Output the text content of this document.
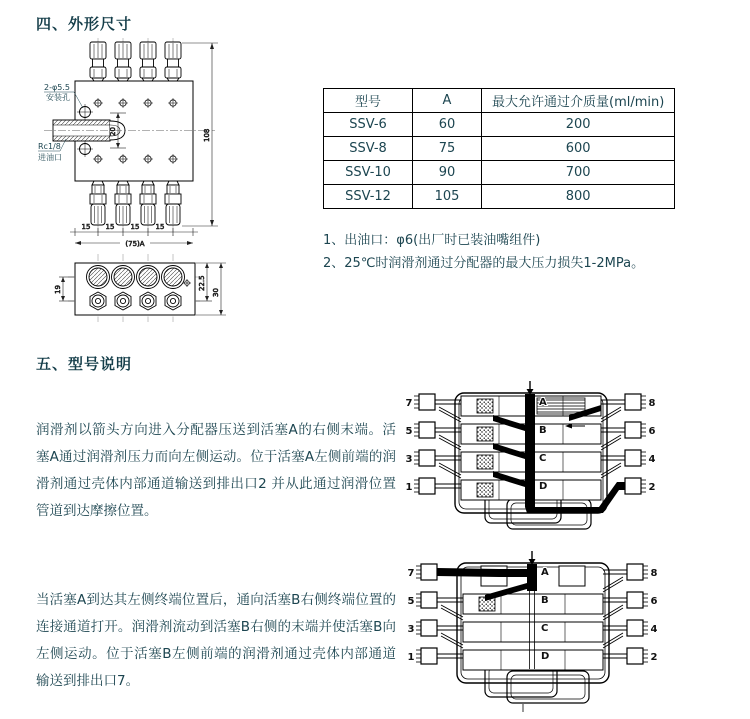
四、外形尺寸
20	108
15 15 15 15
(75)A
19	22.5
30
2-φ5.5
安装孔
Rc1/8
进油口
型号	A	最大允许通过介质量(ml/min)
SSV-6	60	200
SSV-8	75	600
SSV-10	90	700
SSV-12	105	800
1、出油口：φ6(出厂时已装油嘴组件)
2、25℃时润滑剂通过分配器的最大压力损失1-2MPa。
五、型号说明
润滑剂以箭头方向进入分配器压送到活塞A的右侧末端。活塞A通过润滑剂压力而向左侧运动。位于活塞A左侧前端的润滑剂通过壳体内部通道输送到排出口2 并从此通过润滑位置管道到达摩擦位置。
当活塞A到达其左侧终端位置后，通向活塞B右侧终端位置的连接通道打开。润滑剂流动到活塞B右侧的末端并使活塞B向左侧运动。位于活塞B左侧前端的润滑剂通过壳体内部通道输送到排出口7。
7
5
3
1
8
6
4
2
A
B
C
D
7
5
3
1
8
6
4
2
A
B
C
D
